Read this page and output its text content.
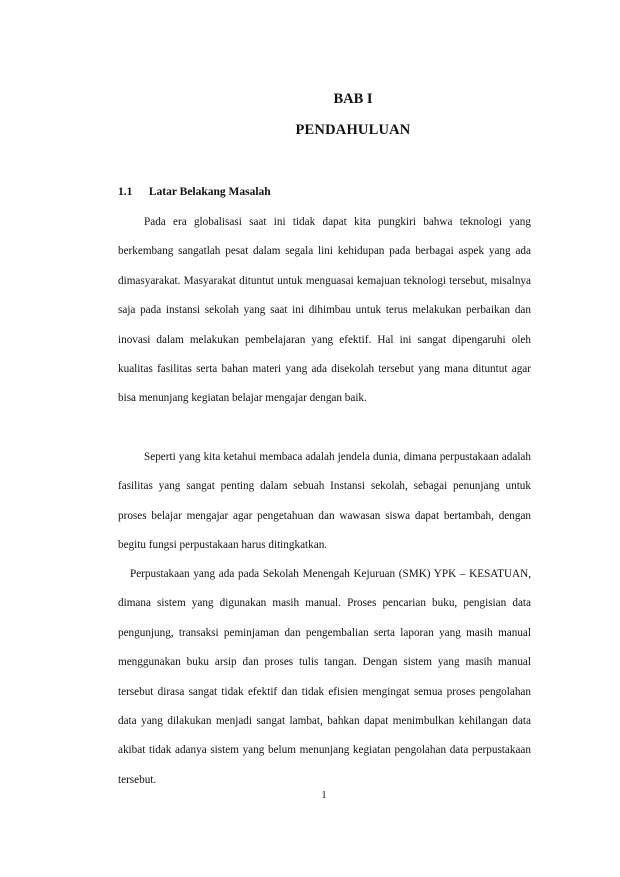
BAB I
PENDAHULUAN
1.1 Latar Belakang Masalah

Pada era globalisasi saat ini tidak dapat kita pungkiri bahwa teknologi yang berkembang sangatlah pesat dalam segala lini kehidupan pada berbagai aspek yang ada dimasyarakat. Masyarakat dituntut untuk menguasai kemajuan teknologi tersebut, misalnya saja pada instansi sekolah yang saat ini dihimbau untuk terus melakukan perbaikan dan inovasi dalam melakukan pembelajaran yang efektif. Hal ini sangat dipengaruhi oleh kualitas fasilitas serta bahan materi yang ada disekolah tersebut yang mana dituntut agar bisa menunjang kegiatan belajar mengajar dengan baik.

Seperti yang kita ketahui membaca adalah jendela dunia, dimana perpustakaan adalah fasilitas yang sangat penting dalam sebuah Instansi sekolah, sebagai penunjang untuk proses belajar mengajar agar pengetahuan dan wawasan siswa dapat bertambah, dengan begitu fungsi perpustakaan harus ditingkatkan.

Perpustakaan yang ada pada Sekolah Menengah Kejuruan (SMK) YPK – KESATUAN, dimana sistem yang digunakan masih manual. Proses pencarian buku, pengisian data pengunjung, transaksi peminjaman dan pengembalian serta laporan yang masih manual menggunakan buku arsip dan proses tulis tangan. Dengan sistem yang masih manual tersebut dirasa sangat tidak efektif dan tidak efisien mengingat semua proses pengolahan data yang dilakukan menjadi sangat lambat, bahkan dapat menimbulkan kehilangan data akibat tidak adanya sistem yang belum menunjang kegiatan pengolahan data perpustakaan tersebut.

1
